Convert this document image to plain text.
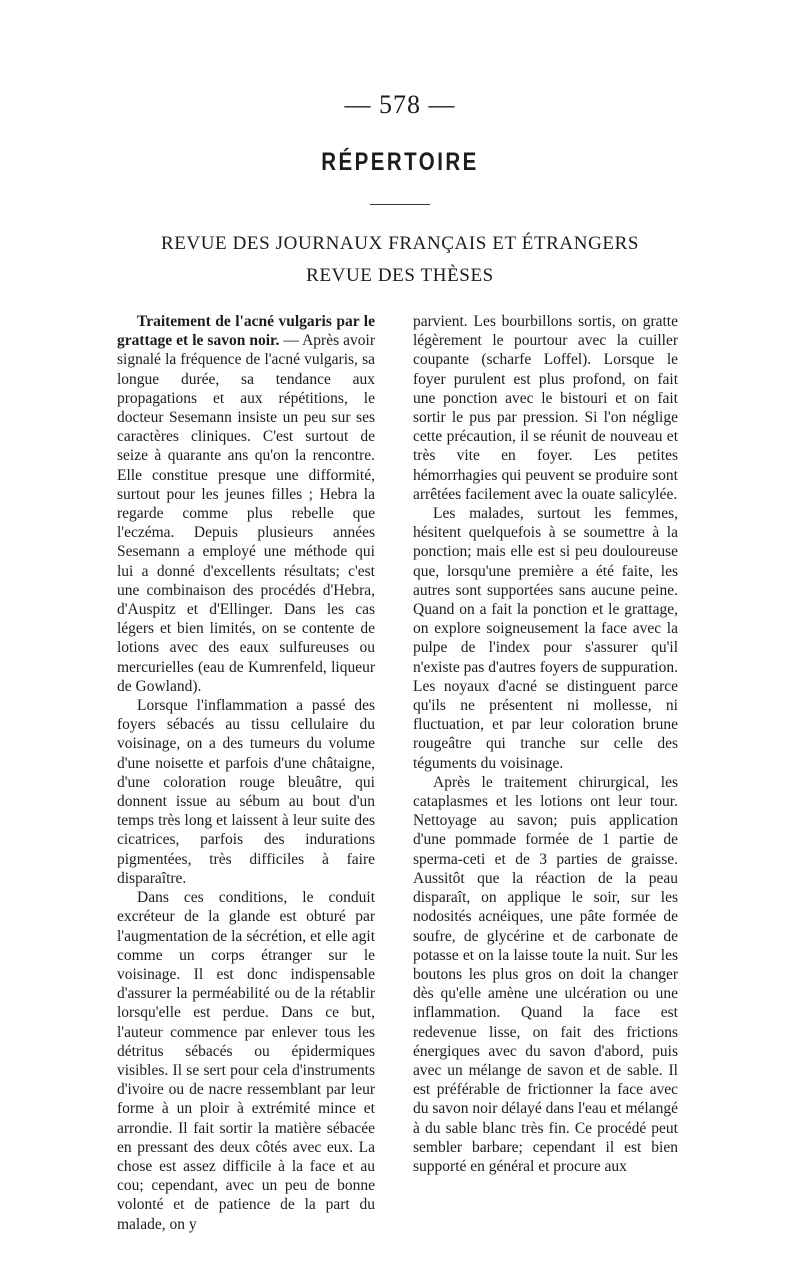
— 578 —
RÉPERTOIRE
REVUE DES JOURNAUX FRANÇAIS ET ÉTRANGERS
REVUE DES THÈSES

Traitement de l'acné vulgaris par le grattage et le savon noir. — Après avoir signalé la fréquence de l'acné vulgaris, sa longue durée, sa tendance aux propagations et aux répétitions, le docteur Sesemann insiste un peu sur ses caractères cliniques. C'est surtout de seize à quarante ans qu'on la rencontre. Elle constitue presque une difformité, surtout pour les jeunes filles ; Hebra la regarde comme plus rebelle que l'eczéma. Depuis plusieurs années Sesemann a employé une méthode qui lui a donné d'excellents résultats; c'est une combinaison des procédés d'Hebra, d'Auspitz et d'Ellinger. Dans les cas légers et bien limités, on se contente de lotions avec des eaux sulfureuses ou mercurielles (eau de Kumrenfeld, liqueur de Gowland).

Lorsque l'inflammation a passé des foyers sébacés au tissu cellulaire du voisinage, on a des tumeurs du volume d'une noisette et parfois d'une châtaigne, d'une coloration rouge bleuâtre, qui donnent issue au sébum au bout d'un temps très long et laissent à leur suite des cicatrices, parfois des indurations pigmentées, très difficiles à faire disparaître.

Dans ces conditions, le conduit excréteur de la glande est obturé par l'augmentation de la sécrétion, et elle agit comme un corps étranger sur le voisinage. Il est donc indispensable d'assurer la perméabilité ou de la rétablir lorsqu'elle est perdue. Dans ce but, l'auteur commence par enlever tous les détritus sébacés ou épidermiques visibles. Il se sert pour cela d'instruments d'ivoire ou de nacre ressemblant par leur forme à un ploir à extrémité mince et arrondie. Il fait sortir la matière sébacée en pressant des deux côtés avec eux. La chose est assez difficile à la face et au cou; cependant, avec un peu de bonne volonté et de patience de la part du malade, on y

parvient. Les bourbillons sortis, on gratte légèrement le pourtour avec la cuiller coupante (scharfe Loffel). Lorsque le foyer purulent est plus profond, on fait une ponction avec le bistouri et on fait sortir le pus par pression. Si l'on néglige cette précaution, il se réunit de nouveau et très vite en foyer. Les petites hémorrhagies qui peuvent se produire sont arrêtées facilement avec la ouate salicylée.

Les malades, surtout les femmes, hésitent quelquefois à se soumettre à la ponction; mais elle est si peu douloureuse que, lorsqu'une première a été faite, les autres sont supportées sans aucune peine. Quand on a fait la ponction et le grattage, on explore soigneusement la face avec la pulpe de l'index pour s'assurer qu'il n'existe pas d'autres foyers de suppuration. Les noyaux d'acné se distinguent parce qu'ils ne présentent ni mollesse, ni fluctuation, et par leur coloration brune rougeâtre qui tranche sur celle des téguments du voisinage.

Après le traitement chirurgical, les cataplasmes et les lotions ont leur tour. Nettoyage au savon; puis application d'une pommade formée de 1 partie de sperma-ceti et de 3 parties de graisse. Aussitôt que la réaction de la peau disparaît, on applique le soir, sur les nodosités acnéiques, une pâte formée de soufre, de glycérine et de carbonate de potasse et on la laisse toute la nuit. Sur les boutons les plus gros on doit la changer dès qu'elle amène une ulcération ou une inflammation. Quand la face est redevenue lisse, on fait des frictions énergiques avec du savon d'abord, puis avec un mélange de savon et de sable. Il est préférable de frictionner la face avec du savon noir délayé dans l'eau et mélangé à du sable blanc très fin. Ce procédé peut sembler barbare; cependant il est bien supporté en général et procure aux
